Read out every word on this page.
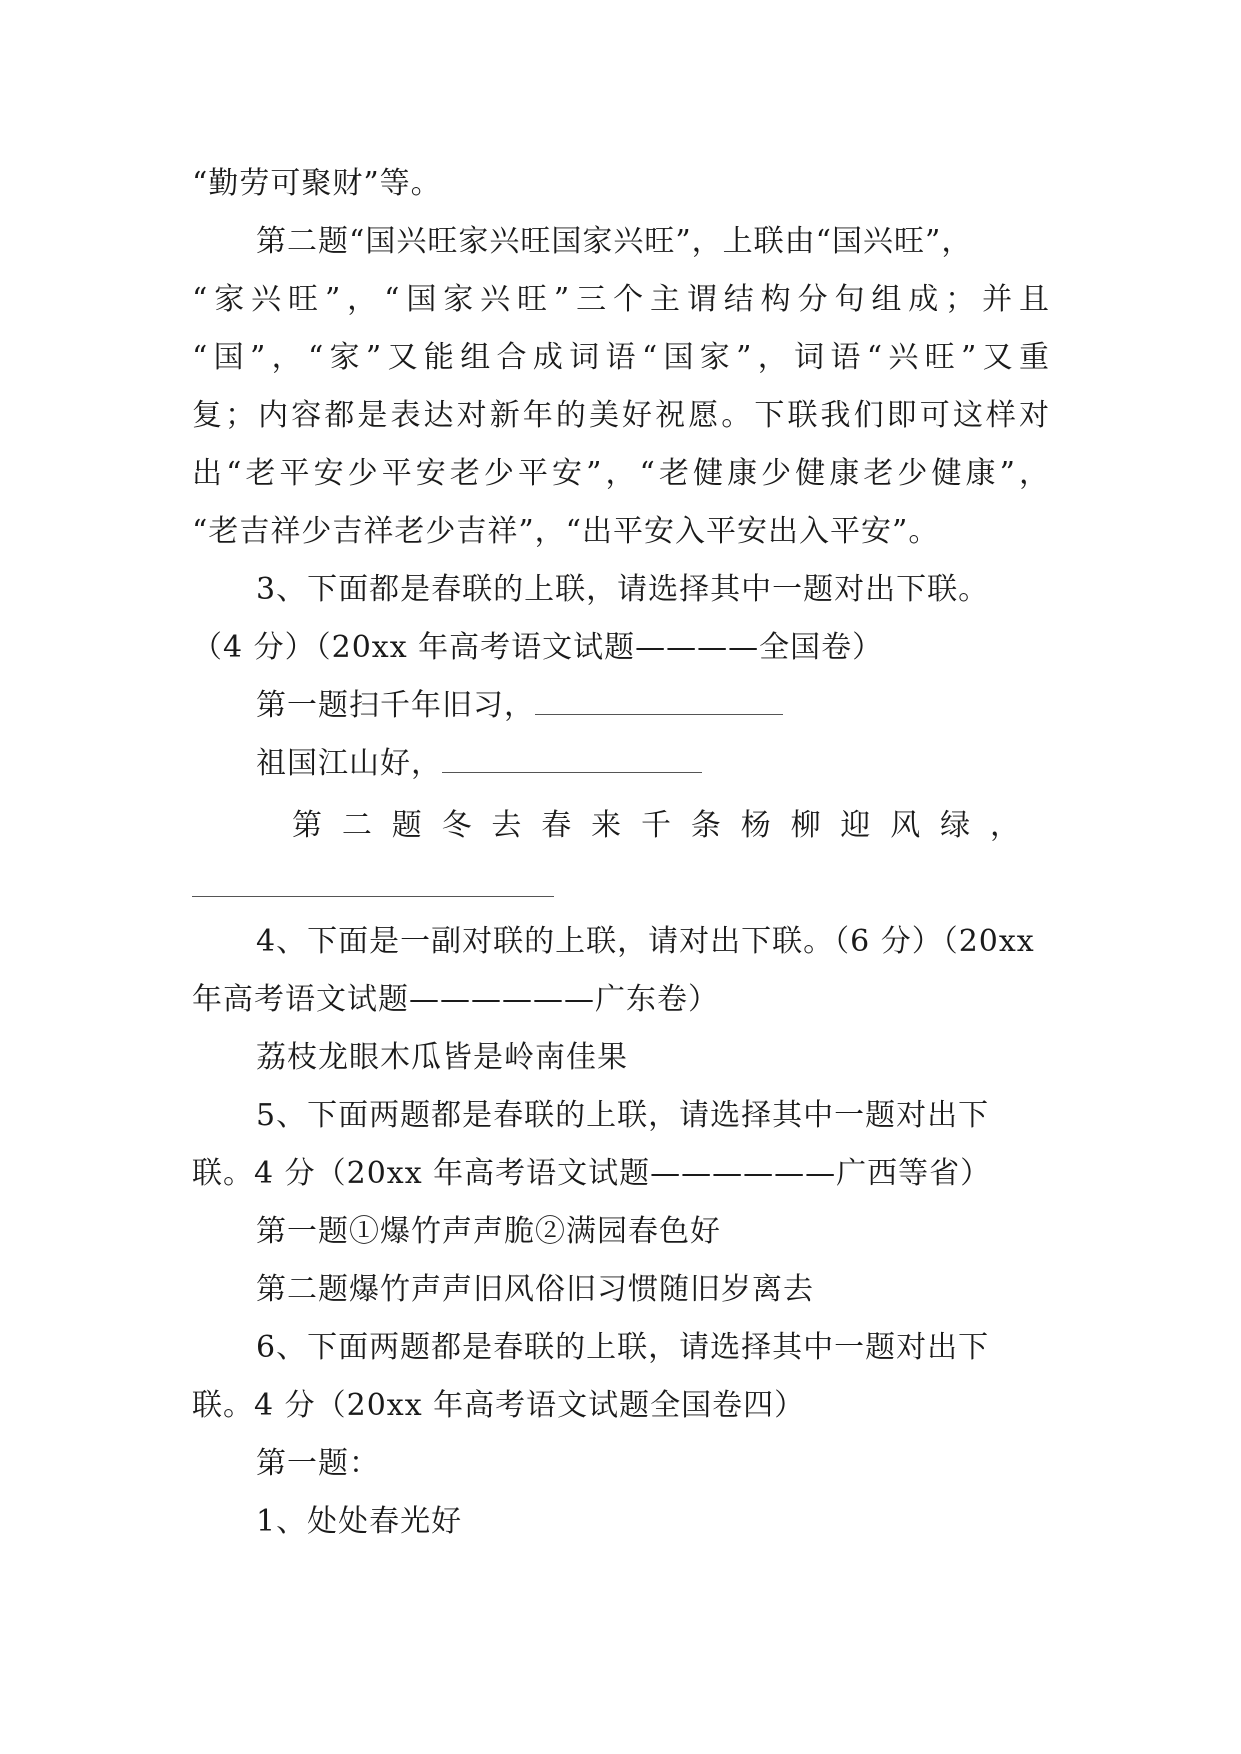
“勤劳可聚财”等。
第二题“国兴旺家兴旺国家兴旺”，上联由“国兴旺”，
“家兴旺”，“国家兴旺”三个主谓结构分句组成；并且
“国”，“家”又能组合成词语“国家”，词语“兴旺”又重
复；内容都是表达对新年的美好祝愿。下联我们即可这样对
出“老平安少平安老少平安”，“老健康少健康老少健康”，
“老吉祥少吉祥老少吉祥”，“出平安入平安出入平安”。
3、下面都是春联的上联，请选择其中一题对出下联。
（4 分）（20xx 年高考语文试题————全国卷）
第一题扫千年旧习，
祖国江山好，
第二题冬去春来千条杨柳迎风绿，
4、下面是一副对联的上联，请对出下联。（6 分）（20xx
年高考语文试题——————广东卷）
荔枝龙眼木瓜皆是岭南佳果
5、下面两题都是春联的上联，请选择其中一题对出下
联。4 分（20xx 年高考语文试题——————广西等省）
第一题①爆竹声声脆②满园春色好
第二题爆竹声声旧风俗旧习惯随旧岁离去
6、下面两题都是春联的上联，请选择其中一题对出下
联。4 分（20xx 年高考语文试题全国卷四）
第一题：
1、处处春光好
